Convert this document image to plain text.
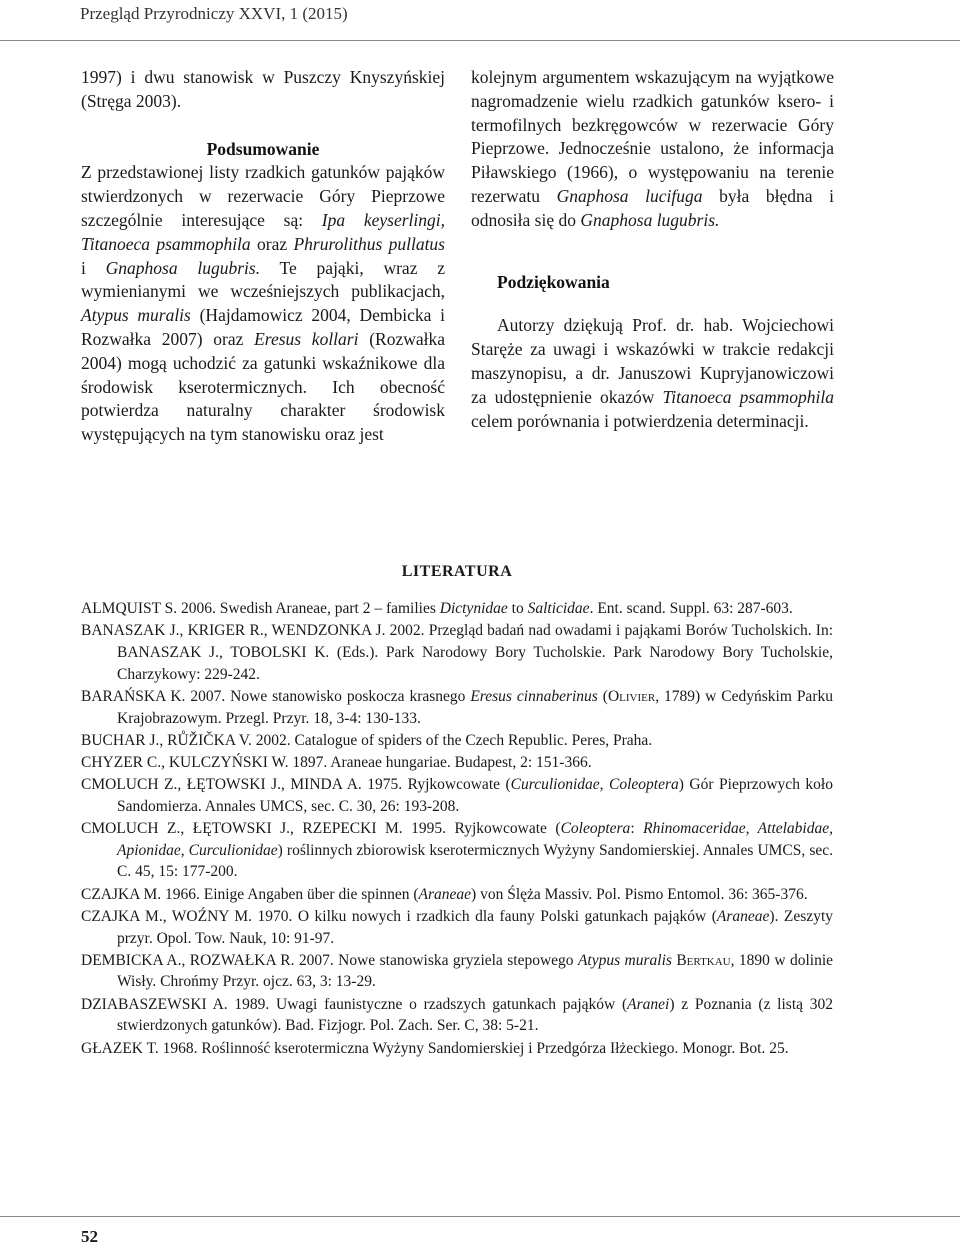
Przegląd Przyrodniczy XXVI, 1 (2015)

1997) i dwu stanowisk w Puszczy Knyszyńskiej (Stręga 2003).

Podsumowanie

Z przedstawionej listy rzadkich gatunków pająków stwierdzonych w rezerwacie Góry Pieprzowe szczególnie interesujące są: Ipa keyserlingi, Titanoeca psammophila oraz Phrurolithus pullatus i Gnaphosa lugubris. Te pająki, wraz z wymienianymi we wcześniejszych publikacjach, Atypus muralis (Hajdamowicz 2004, Dembicka i Rozwałka 2007) oraz Eresus kollari (Rozwałka 2004) mogą uchodzić za gatunki wskaźnikowe dla środowisk kserotermicznych. Ich obecność potwierdza naturalny charakter środowisk występujących na tym stanowisku oraz jest

kolejnym argumentem wskazującym na wyjątkowe nagromadzenie wielu rzadkich gatunków ksero- i termofilnych bezkręgowców w rezerwacie Góry Pieprzowe. Jednocześnie ustalono, że informacja Piławskiego (1966), o występowaniu na terenie rezerwatu Gnaphosa lucifuga była błędna i odnosiła się do Gnaphosa lugubris.

Podziękowania

Autorzy dziękują Prof. dr. hab. Wojciechowi Staręże za uwagi i wskazówki w trakcie redakcji maszynopisu, a dr. Januszowi Kupryjanowiczowi za udostępnienie okazów Titanoeca psammophila celem porównania i potwierdzenia determinacji.

LITERATURA
ALMQUIST S. 2006. Swedish Araneae, part 2 – families Dictynidae to Salticidae. Ent. scand. Suppl. 63: 287-603.
BANASZAK J., KRIGER R., WENDZONKA J. 2002. Przegląd badań nad owadami i pająkami Borów Tucholskich. In: BANASZAK J., TOBOLSKI K. (Eds.). Park Narodowy Bory Tucholskie. Park Narodowy Bory Tucholskie, Charzykowy: 229-242.
BARAŃSKA K. 2007. Nowe stanowisko poskocza krasnego Eresus cinnaberinus (Olivier, 1789) w Cedyńskim Parku Krajobrazowym. Przegl. Przyr. 18, 3-4: 130-133.
BUCHAR J., RŮŽIČKA V. 2002. Catalogue of spiders of the Czech Republic. Peres, Praha.
CHYZER C., KULCZYŃSKI W. 1897. Araneae hungariae. Budapest, 2: 151-366.
CMOLUCH Z., ŁĘTOWSKI J., MINDA A. 1975. Ryjkowcowate (Curculionidae, Coleoptera) Gór Pieprzowych koło Sandomierza. Annales UMCS, sec. C. 30, 26: 193-208.
CMOLUCH Z., ŁĘTOWSKI J., RZEPECKI M. 1995. Ryjkowcowate (Coleoptera: Rhinomaceridae, Attelabidae, Apionidae, Curculionidae) roślinnych zbiorowisk kserotermicznych Wyżyny Sandomierskiej. Annales UMCS, sec. C. 45, 15: 177-200.
CZAJKA M. 1966. Einige Angaben über die spinnen (Araneae) von Ślęża Massiv. Pol. Pismo Entomol. 36: 365-376.
CZAJKA M., WOŹNY M. 1970. O kilku nowych i rzadkich dla fauny Polski gatunkach pająków (Araneae). Zeszyty przyr. Opol. Tow. Nauk, 10: 91-97.
DEMBICKA A., ROZWAŁKA R. 2007. Nowe stanowiska gryziela stepowego Atypus muralis Bertkau, 1890 w dolinie Wisły. Chrońmy Przyr. ojcz. 63, 3: 13-29.
DZIABASZEWSKI A. 1989. Uwagi faunistyczne o rzadszych gatunkach pająków (Aranei) z Poznania (z listą 302 stwierdzonych gatunków). Bad. Fizjogr. Pol. Zach. Ser. C, 38: 5-21.
GŁAZEK T. 1968. Roślinność kserotermiczna Wyżyny Sandomierskiej i Przedgórza Iłżeckiego. Monogr. Bot. 25.
52
